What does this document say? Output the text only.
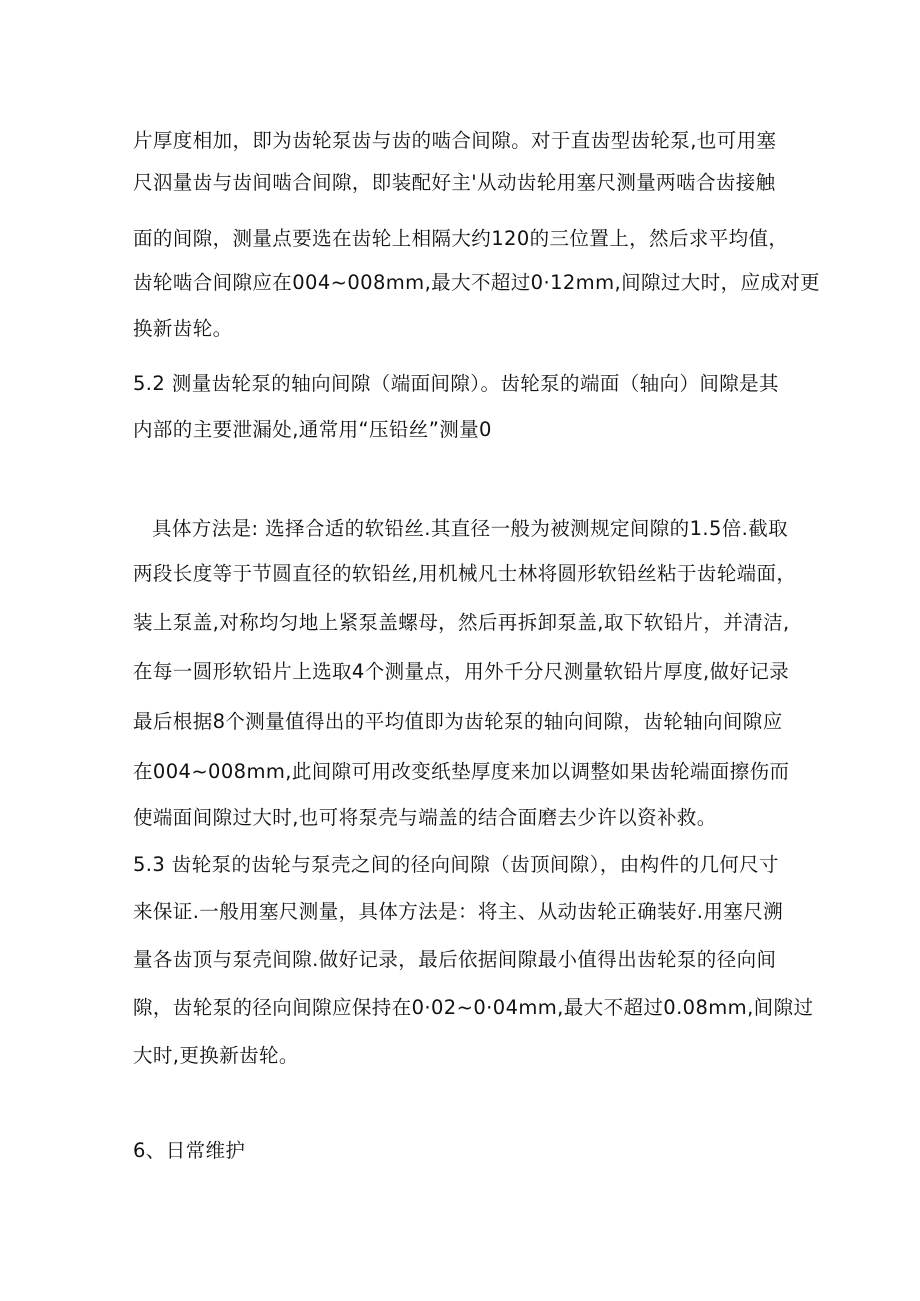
片厚度相加，即为齿轮泵齿与齿的啮合间隙。对于直齿型齿轮泵,也可用塞
尺泅量齿与齿间啮合间隙，即装配好主'从动齿轮用塞尺测量两啮合齿接触
面的间隙，测量点要选在齿轮上相隔大约120的三位置上，然后求平均值，
齿轮啮合间隙应在004~008mm,最大不超过0·12mm,间隙过大时，应成对更
换新齿轮。
5.2 测量齿轮泵的轴向间隙（端面间隙）。齿轮泵的端面（轴向）间隙是其
内部的主要泄漏处,通常用“压铅丝”测量0
具体方法是: 选择合适的软铅丝.其直径一般为被测规定间隙的1.5倍.截取
两段长度等于节圆直径的软铅丝,用机械凡士林将圆形软铅丝粘于齿轮端面，
装上泵盖,对称均匀地上紧泵盖螺母，然后再拆卸泵盖,取下软铅片，并清洁,
在每一圆形软铅片上选取4个测量点，用外千分尺测量软铅片厚度,做好记录
最后根据8个测量值得出的平均值即为齿轮泵的轴向间隙，齿轮轴向间隙应
在004~008mm,此间隙可用改变纸垫厚度来加以调整如果齿轮端面擦伤而
使端面间隙过大时,也可将泵壳与端盖的结合面磨去少许以资补救。
5.3 齿轮泵的齿轮与泵壳之间的径向间隙（齿顶间隙），由构件的几何尺寸
来保证.一般用塞尺测量，具体方法是：将主、从动齿轮正确装好.用塞尺溯
量各齿顶与泵壳间隙.做好记录，最后依据间隙最小值得出齿轮泵的径向间
隙，齿轮泵的径向间隙应保持在0·02~0·04mm,最大不超过0.08mm,间隙过
大时,更换新齿轮。
6、日常维护
